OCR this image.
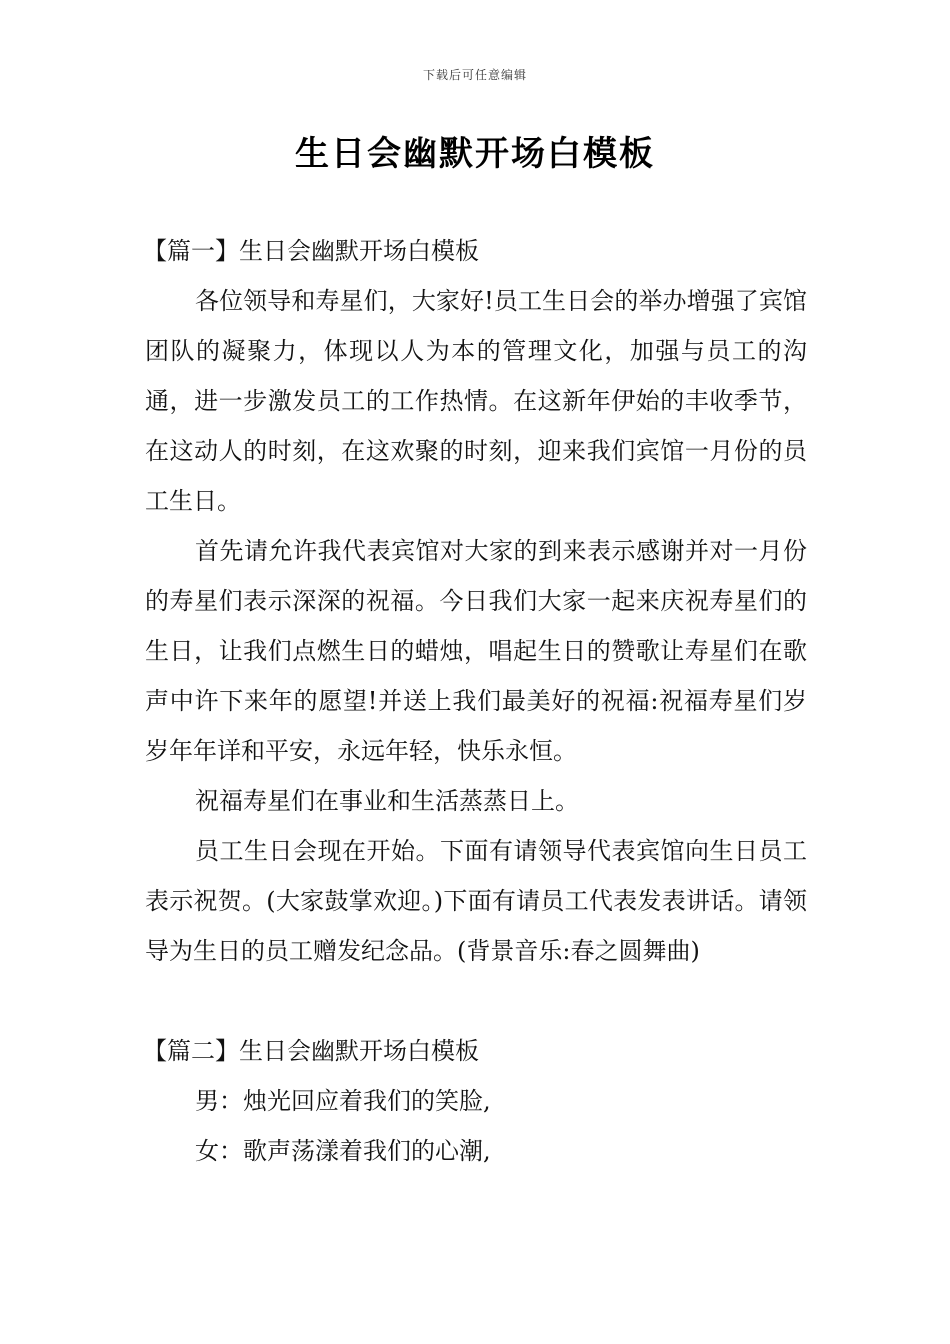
下载后可任意编辑
生日会幽默开场白模板
【篇一】生日会幽默开场白模板

各位领导和寿星们，大家好!员工生日会的举办增强了宾馆团队的凝聚力，体现以人为本的管理文化，加强与员工的沟通，进一步激发员工的工作热情。在这新年伊始的丰收季节，在这动人的时刻，在这欢聚的时刻，迎来我们宾馆一月份的员工生日。

首先请允许我代表宾馆对大家的到来表示感谢并对一月份的寿星们表示深深的祝福。今日我们大家一起来庆祝寿星们的生日，让我们点燃生日的蜡烛，唱起生日的赞歌让寿星们在歌声中许下来年的愿望!并送上我们最美好的祝福:祝福寿星们岁岁年年详和平安，永远年轻，快乐永恒。

祝福寿星们在事业和生活蒸蒸日上。

员工生日会现在开始。下面有请领导代表宾馆向生日员工表示祝贺。(大家鼓掌欢迎。)下面有请员工代表发表讲话。请领导为生日的员工赠发纪念品。(背景音乐:春之圆舞曲)

【篇二】生日会幽默开场白模板

男：烛光回应着我们的笑脸,

女：歌声荡漾着我们的心潮,
